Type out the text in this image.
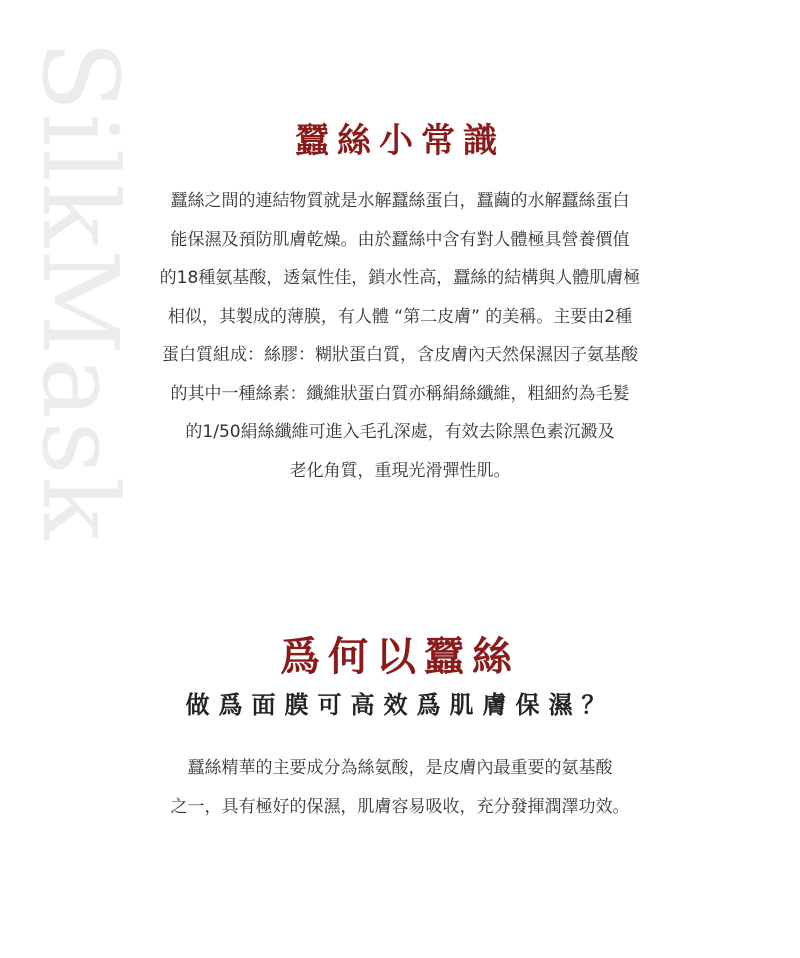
SilkMask	蠶絲小常識
蠶絲之間的連結物質就是水解蠶絲蛋白，蠶繭的水解蠶絲蛋白
能保濕及預防肌膚乾燥。由於蠶絲中含有對人體極具營養價值
的18種氨基酸，透氣性佳，鎖水性高，蠶絲的結構與人體肌膚極
相似，其製成的薄膜，有人體 “第二皮膚” 的美稱。主要由2種
蛋白質組成：絲膠：糊狀蛋白質，含皮膚內天然保濕因子氨基酸
的其中一種絲素：纖維狀蛋白質亦稱絹絲纖維，粗細約為毛髮
的1/50絹絲纖維可進入毛孔深處，有效去除黑色素沉澱及
老化角質，重現光滑彈性肌。
爲何以蠶絲
做爲面膜可高效爲肌膚保濕？
蠶絲精華的主要成分為絲氨酸，是皮膚內最重要的氨基酸
之一，具有極好的保濕，肌膚容易吸收，充分發揮潤澤功效。
